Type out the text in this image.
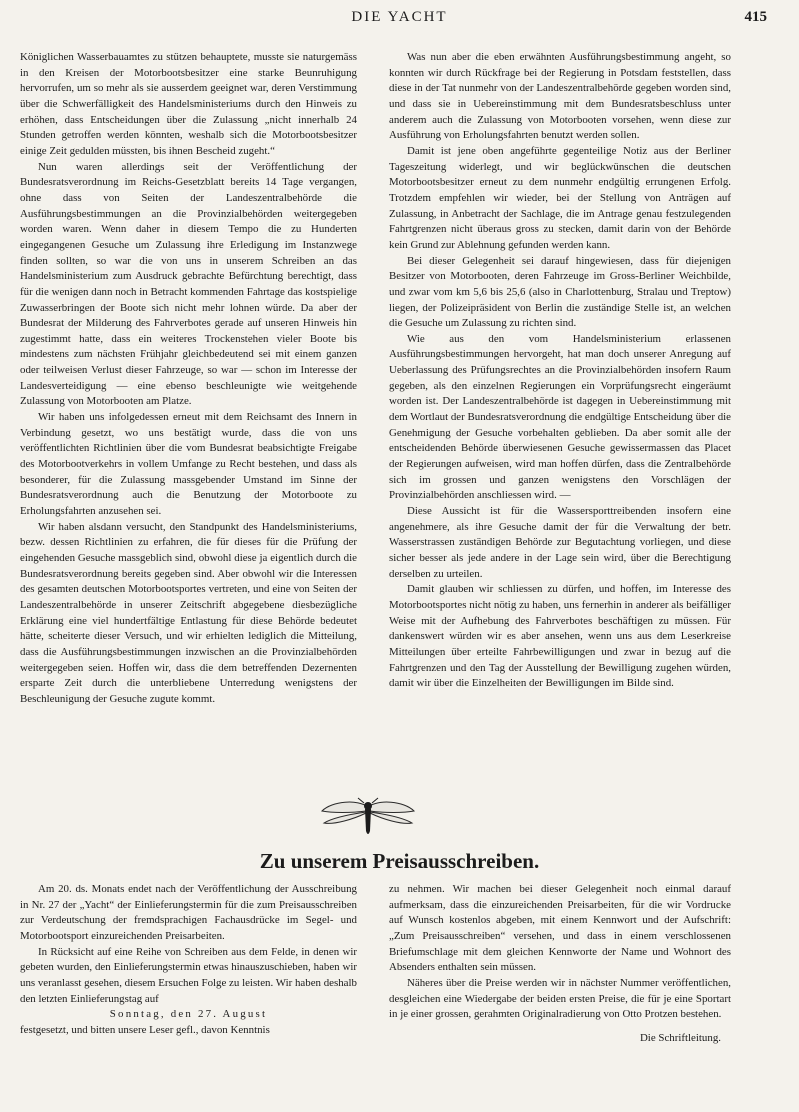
DIE YACHT	415

Königlichen Wasserbauamtes zu stützen behauptete, musste sie naturgemäss in den Kreisen der Motorbootsbesitzer eine starke Beunruhigung hervorrufen, um so mehr als sie ausserdem geeignet war, deren Verstimmung über die Schwerfälligkeit des Handelsministeriums durch den Hinweis zu erhöhen, dass Entscheidungen über die Zulassung „nicht innerhalb 24 Stunden getroffen werden könnten, weshalb sich die Motorbootsbesitzer einige Zeit gedulden müssten, bis ihnen Bescheid zugeht.“

Nun waren allerdings seit der Veröffentlichung der Bundesratsverordnung im Reichs-Gesetzblatt bereits 14 Tage vergangen, ohne dass von Seiten der Landeszentralbehörde die Ausführungsbestimmungen an die Provinzialbehörden weitergegeben worden waren. Wenn daher in diesem Tempo die zu Hunderten eingegangenen Gesuche um Zulassung ihre Erledigung im Instanzwege finden sollten, so war die von uns in unserem Schreiben an das Handelsministerium zum Ausdruck gebrachte Befürchtung berechtigt, dass für die wenigen dann noch in Betracht kommenden Fahrtage das kostspielige Zuwasserbringen der Boote sich nicht mehr lohnen würde. Da aber der Bundesrat der Milderung des Fahrverbotes gerade auf unseren Hinweis hin zugestimmt hatte, dass ein weiteres Trockenstehen vieler Boote bis mindestens zum nächsten Frühjahr gleichbedeutend sei mit einem ganzen oder teilweisen Verlust dieser Fahrzeuge, so war — schon im Interesse der Landesverteidigung — eine ebenso beschleunigte wie weitgehende Zulassung von Motorbooten am Platze.

Wir haben uns infolgedessen erneut mit dem Reichsamt des Innern in Verbindung gesetzt, wo uns bestätigt wurde, dass die von uns veröffentlichten Richtlinien über die vom Bundesrat beabsichtigte Freigabe des Motorbootverkehrs in vollem Umfange zu Recht bestehen, und dass als besonderer, für die Zulassung massgebender Umstand im Sinne der Bundesratsverordnung auch die Benutzung der Motorboote zu Erholungsfahrten anzusehen sei.

Wir haben alsdann versucht, den Standpunkt des Handelsministeriums, bezw. dessen Richtlinien zu erfahren, die für dieses für die Prüfung der eingehenden Gesuche massgeblich sind, obwohl diese ja eigentlich durch die Bundesratsverordnung bereits gegeben sind. Aber obwohl wir die Interessen des gesamten deutschen Motorbootsportes vertreten, und eine von Seiten der Landeszentralbehörde in unserer Zeitschrift abgegebene diesbezügliche Erklärung eine viel hundertfältige Entlastung für diese Behörde bedeutet hätte, scheiterte dieser Versuch, und wir erhielten lediglich die Mitteilung, dass die Ausführungsbestimmungen inzwischen an die Provinzialbehörden weitergegeben seien. Hoffen wir, dass die dem betreffenden Dezernenten ersparte Zeit durch die unterbliebene Unterredung wenigstens der Beschleunigung der Gesuche zugute kommt.

Was nun aber die eben erwähnten Ausführungsbestimmung angeht, so konnten wir durch Rückfrage bei der Regierung in Potsdam feststellen, dass diese in der Tat nunmehr von der Landeszentralbehörde gegeben worden sind, und dass sie in Uebereinstimmung mit dem Bundesratsbeschluss unter anderem auch die Zulassung von Motorbooten vorsehen, wenn diese zur Ausführung von Erholungsfahrten benutzt werden sollen.

Damit ist jene oben angeführte gegenteilige Notiz aus der Berliner Tageszeitung widerlegt, und wir beglückwünschen die deutschen Motorbootsbesitzer erneut zu dem nunmehr endgültig errungenen Erfolg. Trotzdem empfehlen wir wieder, bei der Stellung von Anträgen auf Zulassung, in Anbetracht der Sachlage, die im Antrage genau festzulegenden Fahrtgrenzen nicht überaus gross zu stecken, damit darin von der Behörde kein Grund zur Ablehnung gefunden werden kann.

Bei dieser Gelegenheit sei darauf hingewiesen, dass für diejenigen Besitzer von Motorbooten, deren Fahrzeuge im Gross-Berliner Weichbilde, und zwar vom km 5,6 bis 25,6 (also in Charlottenburg, Stralau und Treptow) liegen, der Polizeipräsident von Berlin die zuständige Stelle ist, an welchen die Gesuche um Zulassung zu richten sind.

Wie aus den vom Handelsministerium erlassenen Ausführungsbestimmungen hervorgeht, hat man doch unserer Anregung auf Ueberlassung des Prüfungsrechtes an die Provinzialbehörden insofern Raum gegeben, als den einzelnen Regierungen ein Vorprüfungsrecht eingeräumt worden ist. Der Landeszentralbehörde ist dagegen in Uebereinstimmung mit dem Wortlaut der Bundesratsverordnung die endgültige Entscheidung über die Genehmigung der Gesuche vorbehalten geblieben. Da aber somit alle der entscheidenden Behörde überwiesenen Gesuche gewissermassen das Placet der Regierungen aufweisen, wird man hoffen dürfen, dass die Zentralbehörde sich im grossen und ganzen wenigstens den Vorschlägen der Provinzialbehörden anschliessen wird. —

Diese Aussicht ist für die Wassersporttreibenden insofern eine angenehmere, als ihre Gesuche damit der für die Verwaltung der betr. Wasserstrassen zuständigen Behörde zur Begutachtung vorliegen, und diese sicher besser als jede andere in der Lage sein wird, über die Berechtigung derselben zu urteilen.

Damit glauben wir schliessen zu dürfen, und hoffen, im Interesse des Motorbootsportes nicht nötig zu haben, uns fernerhin in anderer als beifälliger Weise mit der Aufhebung des Fahrverbotes beschäftigen zu müssen. Für dankenswert würden wir es aber ansehen, wenn uns aus dem Leserkreise Mitteilungen über erteilte Fahrbewilligungen und zwar in bezug auf die Fahrtgrenzen und den Tag der Ausstellung der Bewilligung zugehen würden, damit wir über die Einzelheiten der Bewilligungen im Bilde sind.

Zu unserem Preisausschreiben.

Am 20. ds. Monats endet nach der Veröffentlichung der Ausschreibung in Nr. 27 der „Yacht“ der Einlieferungstermin für die zum Preisausschreiben zur Verdeutschung der fremdsprachigen Fachausdrücke im Segel- und Motorbootsport einzureichenden Preisarbeiten.

In Rücksicht auf eine Reihe von Schreiben aus dem Felde, in denen wir gebeten wurden, den Einlieferungstermin etwas hinauszuschieben, haben wir uns veranlasst gesehen, diesem Ersuchen Folge zu leisten. Wir haben deshalb den letzten Einlieferungstag auf

Sonntag, den 27. August

festgesetzt, und bitten unsere Leser gefl., davon Kenntnis

zu nehmen. Wir machen bei dieser Gelegenheit noch einmal darauf aufmerksam, dass die einzureichenden Preisarbeiten, für die wir Vordrucke auf Wunsch kostenlos abgeben, mit einem Kennwort und der Aufschrift: „Zum Preisausschreiben“ versehen, und dass in einem verschlossenen Briefumschlage mit dem gleichen Kennworte der Name und Wohnort des Absenders enthalten sein müssen.

Näheres über die Preise werden wir in nächster Nummer veröffentlichen, desgleichen eine Wiedergabe der beiden ersten Preise, die für je eine Sportart in je einer grossen, gerahmten Originalradierung von Otto Protzen bestehen.

Die Schriftleitung.
